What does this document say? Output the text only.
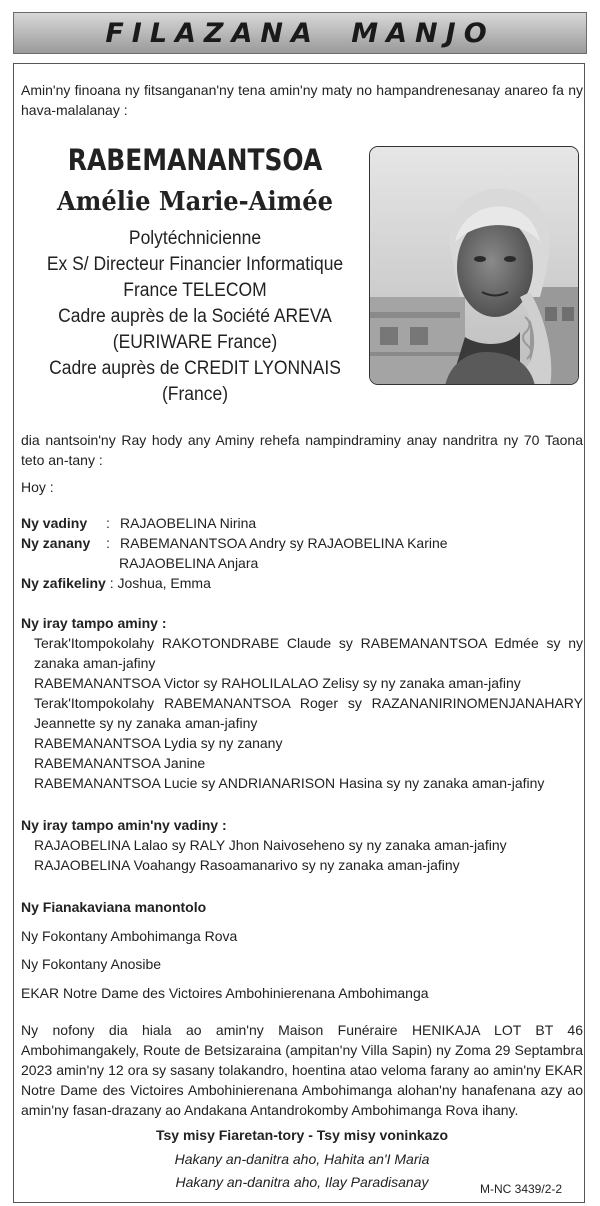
FILAZANA MANJO
Amin'ny finoana ny fitsanganan'ny tena amin'ny maty no hampandrenesanay anareo fa ny hava-malalanay :
RABEMANANTSOA
Amélie Marie-Aimée
Polytéchnicienne
Ex S/ Directeur Financier Informatique
France TELECOM
Cadre auprès de la Société AREVA
(EURIWARE France)
Cadre auprès de CREDIT LYONNAIS
(France)
dia nantsoin'ny Ray hody any Aminy rehefa nampindraminy anay nandritra ny 70 Taona teto an-tany :
Hoy :
Ny vadiny : RAJAOBELINA Nirina
Ny zanany : RABEMANANTSOA Andry sy RAJAOBELINA Karine
RAJAOBELINA Anjara
Ny zafikeliny : Joshua, Emma
Ny iray tampo aminy :
Terak'Itompokolahy RAKOTONDRABE Claude sy RABEMANANTSOA Edmée sy ny zanaka aman-jafiny
RABEMANANTSOA Victor sy RAHOLILALAO Zelisy sy ny zanaka aman-jafiny
Terak'Itompokolahy RABEMANANTSOA Roger sy RAZANANIRINOMENJANAHARY Jeannette sy ny zanaka aman-jafiny
RABEMANANTSOA Lydia sy ny zanany
RABEMANANTSOA Janine
RABEMANANTSOA Lucie sy ANDRIANARISON Hasina sy ny zanaka aman-jafiny
Ny iray tampo amin'ny vadiny :
RAJAOBELINA Lalao sy RALY Jhon Naivoseheno sy ny zanaka aman-jafiny
RAJAOBELINA Voahangy Rasoamanarivo sy ny zanaka aman-jafiny
Ny Fianakaviana manontolo
Ny Fokontany Ambohimanga Rova
Ny Fokontany Anosibe
EKAR Notre Dame des Victoires Ambohinierenana Ambohimanga
Ny nofony dia hiala ao amin'ny Maison Funéraire HENIKAJA LOT BT 46 Ambohimangakely, Route de Betsizaraina (ampitan'ny Villa Sapin) ny Zoma 29 Septambra 2023 amin'ny 12 ora sy sasany tolakandro, hoentina atao veloma farany ao amin'ny EKAR Notre Dame des Victoires Ambohinierenana Ambohimanga alohan'ny hanafenana azy ao amin'ny fasan-drazany ao Andakana Antandrokomby Ambohimanga Rova ihany.
Tsy misy Fiaretan-tory - Tsy misy voninkazo
Hakany an-danitra aho, Hahita an'I Maria
Hakany an-danitra aho, Ilay Paradisanay	M-NC 3439/2-2
